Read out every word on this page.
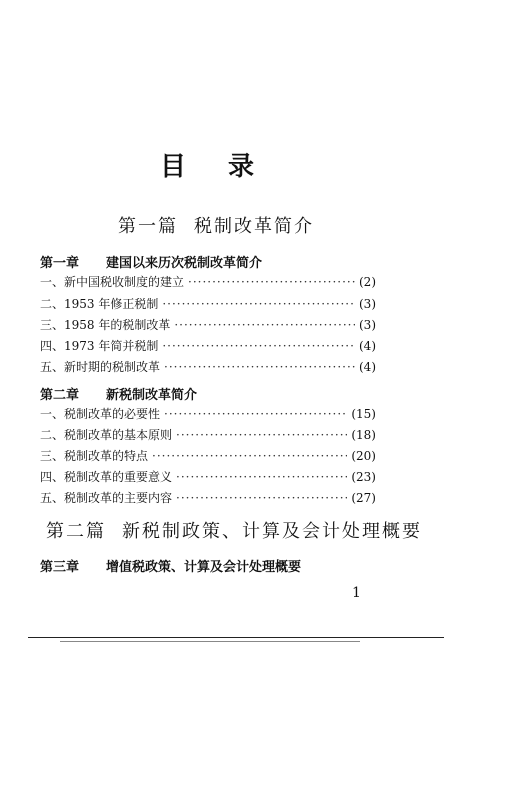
目 录
第一篇 税制改革简介
第一章 建国以来历次税制改革简介
一、新中国税收制度的建立 ·····	(2)
二、1953 年修正税制 ·····	(3)
三、1958 年的税制改革 ·····	(3)
四、1973 年简并税制 ·····	(4)
五、新时期的税制改革 ·····	(4)
第二章 新税制改革简介
一、税制改革的必要性 ·····	(15)
二、税制改革的基本原则 ·····	(18)
三、税制改革的特点 ·····	(20)
四、税制改革的重要意义 ·····	(23)
五、税制改革的主要内容 ·····	(27)
第二篇 新税制政策、计算及会计处理概要
第三章 增值税政策、计算及会计处理概要
1
